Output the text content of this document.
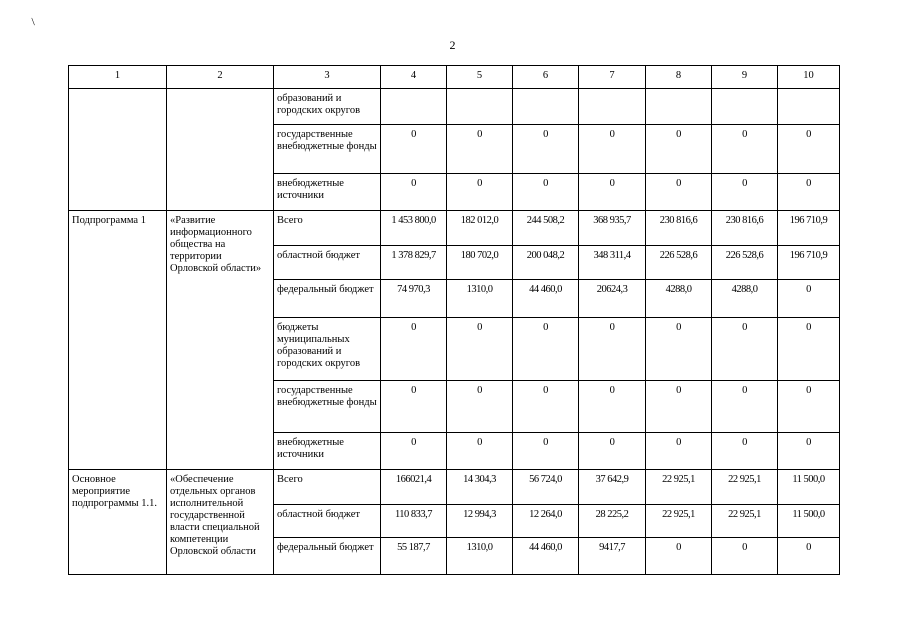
/
2
1	2	3	4	5	6	7	8	9	10
		образований и городских округов							
		государственные внебюджетные фонды	0	0	0	0	0	0	0
		внебюджетные источники	0	0	0	0	0	0	0
Подпрограмма 1	«Развитие информационного общества на территории Орловской области»	Всего	1 453 800,0	182 012,0	244 508,2	368 935,7	230 816,6	230 816,6	196 710,9
		областной бюджет	1 378 829,7	180 702,0	200 048,2	348 311,4	226 528,6	226 528,6	196 710,9
		федеральный бюджет	74 970,3	1310,0	44 460,0	20624,3	4288,0	4288,0	0
		бюджеты муниципальных образований и городских округов	0	0	0	0	0	0	0
		государственные внебюджетные фонды	0	0	0	0	0	0	0
		внебюджетные источники	0	0	0	0	0	0	0
Основное мероприятие подпрограммы 1.1.	«Обеспечение отдельных органов исполнительной государственной власти специальной компетенции Орловской области	Всего	166021,4	14 304,3	56 724,0	37 642,9	22 925,1	22 925,1	11 500,0
		областной бюджет	110 833,7	12 994,3	12 264,0	28 225,2	22 925,1	22 925,1	11 500,0
		федеральный бюджет	55 187,7	1310,0	44 460,0	9417,7	0	0	0
